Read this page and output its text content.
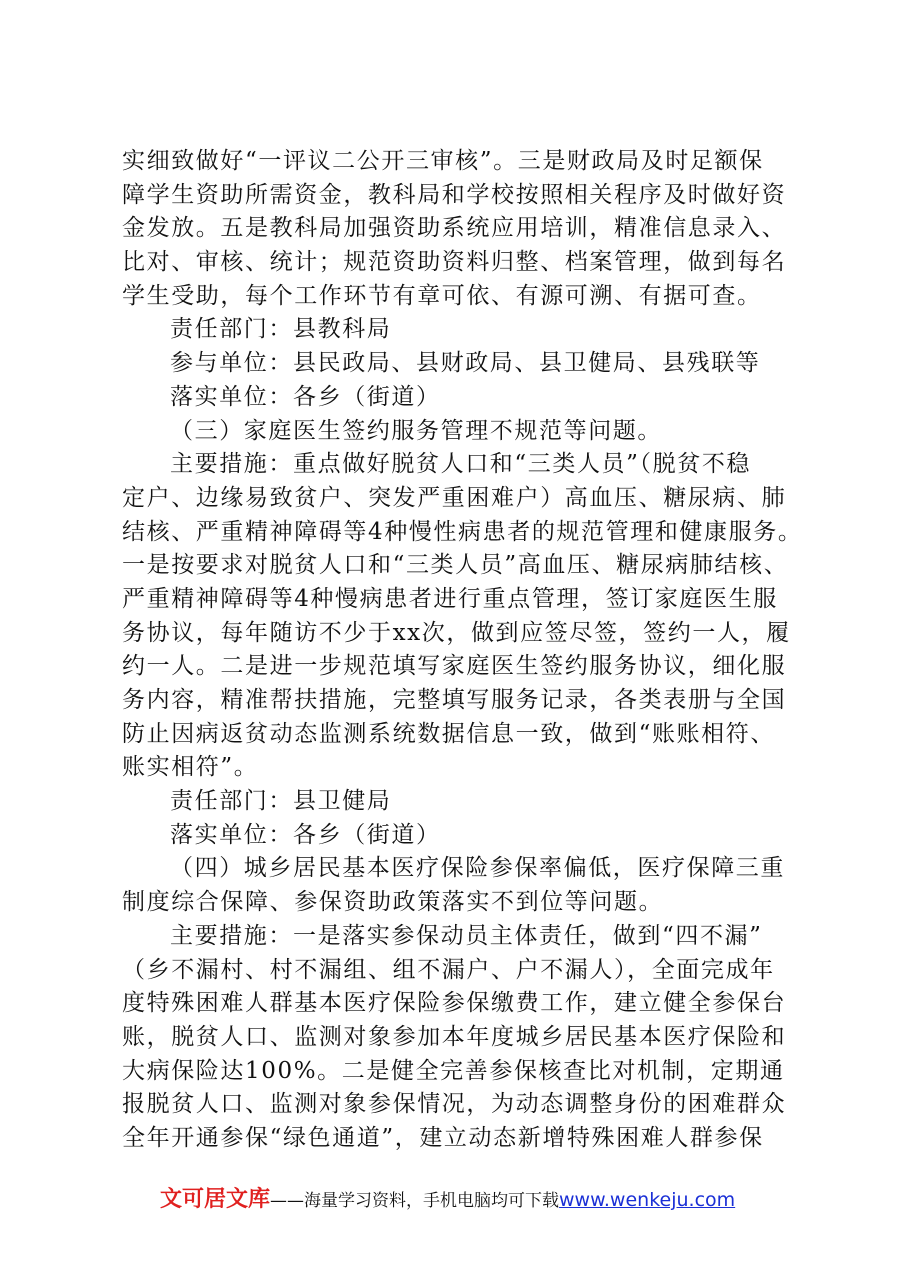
实细致做好“一评议二公开三审核”。三是财政局及时足额保
障学生资助所需资金，教科局和学校按照相关程序及时做好资
金发放。五是教科局加强资助系统应用培训，精准信息录入、
比对、审核、统计；规范资助资料归整、档案管理，做到每名
学生受助，每个工作环节有章可依、有源可溯、有据可查。
责任部门：县教科局
参与单位：县民政局、县财政局、县卫健局、县残联等
落实单位：各乡（街道）
（三）家庭医生签约服务管理不规范等问题。
主要措施：重点做好脱贫人口和“三类人员”（脱贫不稳
定户、边缘易致贫户、突发严重困难户）高血压、糖尿病、肺
结核、严重精神障碍等4种慢性病患者的规范管理和健康服务。
一是按要求对脱贫人口和“三类人员”高血压、糖尿病肺结核、
严重精神障碍等4种慢病患者进行重点管理，签订家庭医生服
务协议，每年随访不少于xx次，做到应签尽签，签约一人，履
约一人。二是进一步规范填写家庭医生签约服务协议，细化服
务内容，精准帮扶措施，完整填写服务记录，各类表册与全国
防止因病返贫动态监测系统数据信息一致，做到“账账相符、
账实相符”。
责任部门：县卫健局
落实单位：各乡（街道）
（四）城乡居民基本医疗保险参保率偏低，医疗保障三重
制度综合保障、参保资助政策落实不到位等问题。
主要措施：一是落实参保动员主体责任，做到“四不漏”
（乡不漏村、村不漏组、组不漏户、户不漏人），全面完成年
度特殊困难人群基本医疗保险参保缴费工作，建立健全参保台
账，脱贫人口、监测对象参加本年度城乡居民基本医疗保险和
大病保险达100%。二是健全完善参保核查比对机制，定期通
报脱贫人口、监测对象参保情况，为动态调整身份的困难群众
全年开通参保“绿色通道”，建立动态新增特殊困难人群参保
文可居文库——海量学习资料，手机电脑均可下载www.wenkeju.com
